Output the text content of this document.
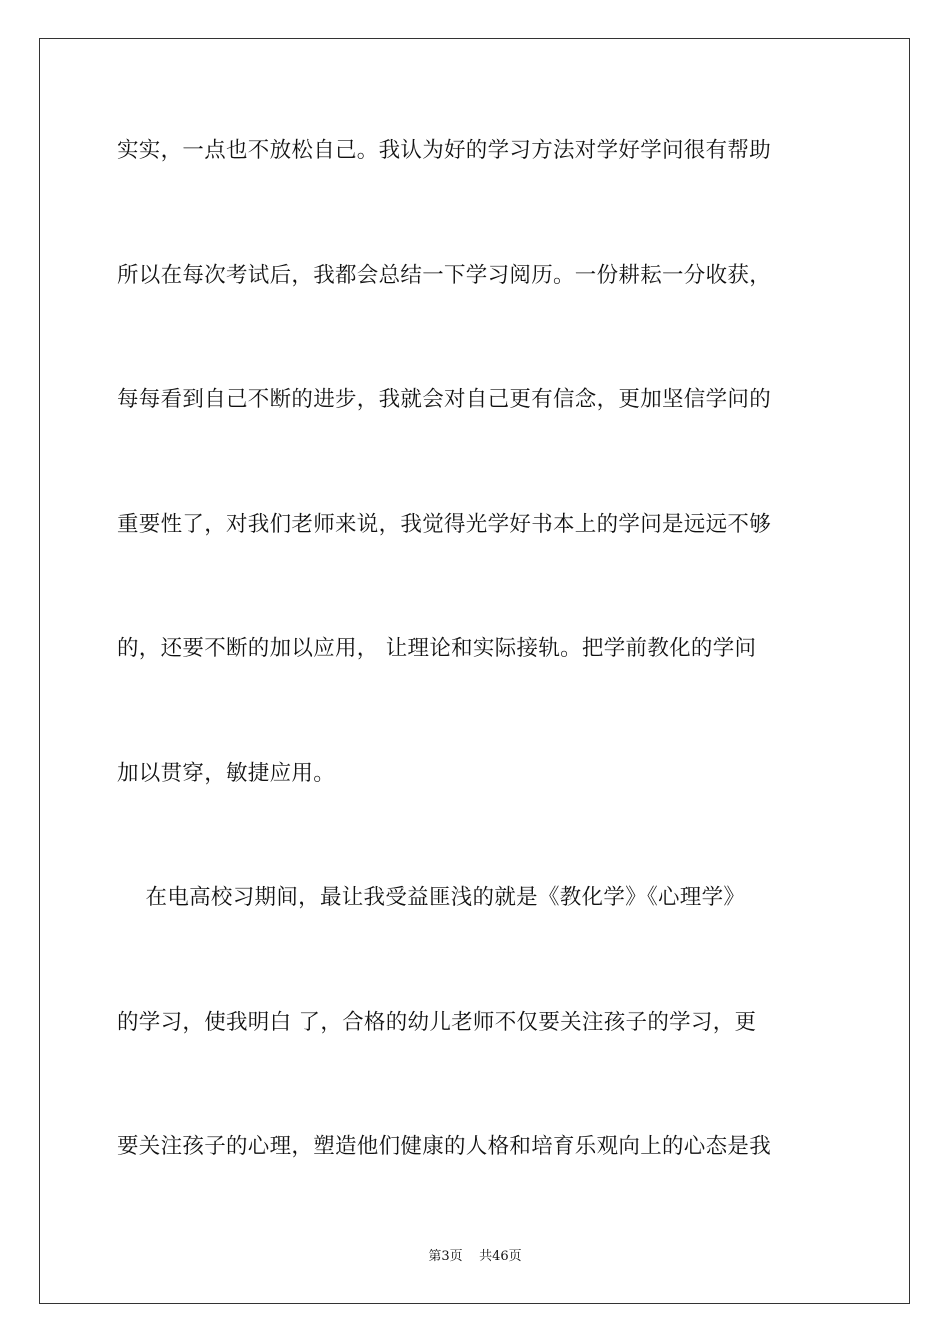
实实，一点也不放松自己。我认为好的学习方法对学好学问很有帮助
所以在每次考试后，我都会总结一下学习阅历。一份耕耘一分收获，
每每看到自己不断的进步，我就会对自己更有信念，更加坚信学问的
重要性了，对我们老师来说，我觉得光学好书本上的学问是远远不够
的，还要不断的加以应用， 让理论和实际接轨。把学前教化的学问
加以贯穿，敏捷应用。
在电高校习期间，最让我受益匪浅的就是《教化学》《心理学》
的学习，使我明白 了，合格的幼儿老师不仅要关注孩子的学习，更
要关注孩子的心理，塑造他们健康的人格和培育乐观向上的心态是我
第3页 共46页
